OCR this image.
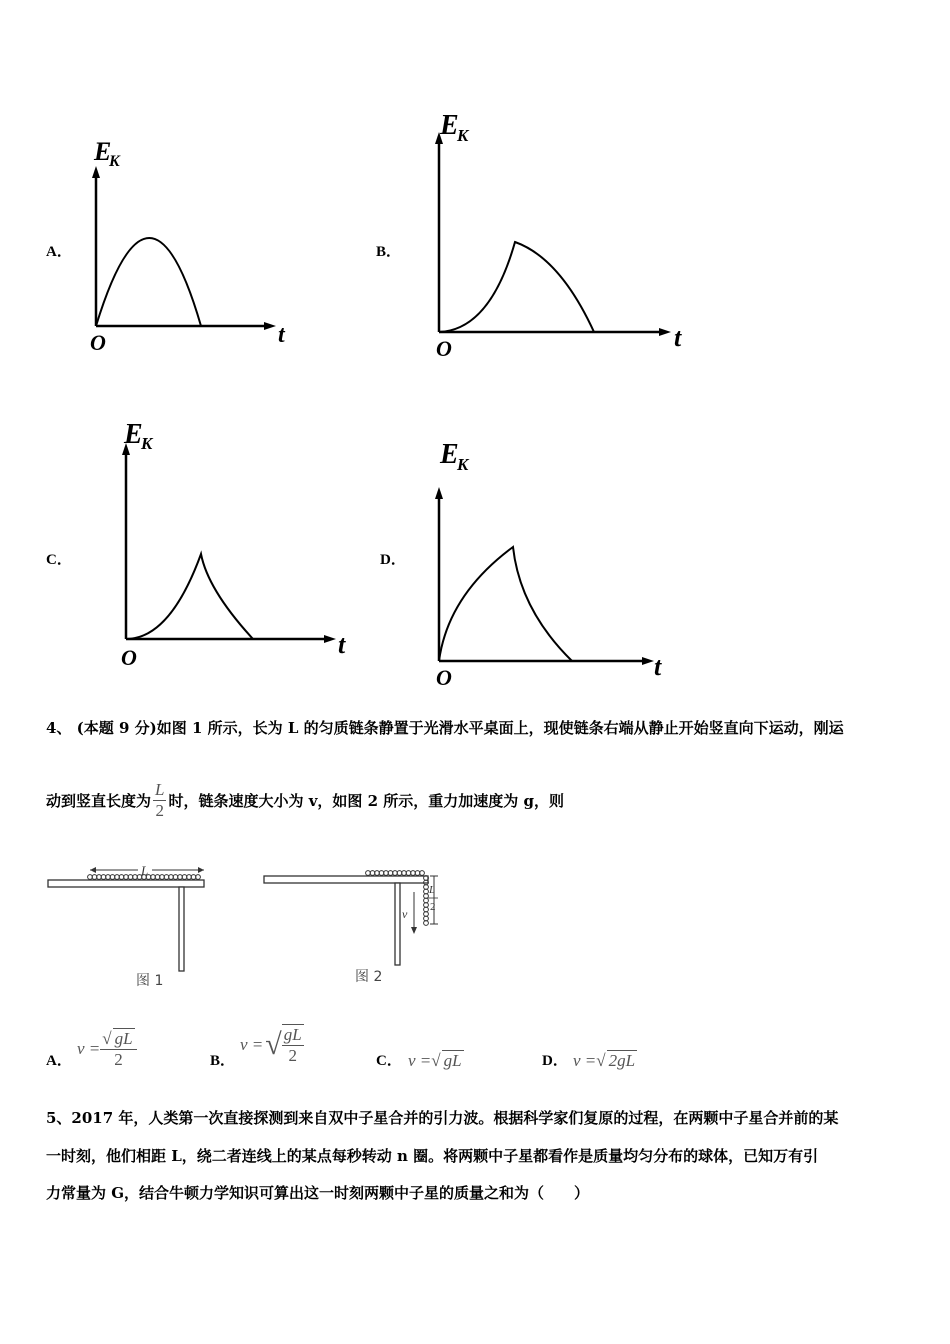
A．
E
K
t
O
B．
E
K
t
O
C．
E
K
t
O
D．
E
K
t
O
4、 (本题 9 分)如图 1 所示，长为 L 的匀质链条静置于光滑水平桌面上，现使链条右端从静止开始竖直向下运动，刚运
动到竖直长度为 $\frac{L}{2}$ 时，链条速度大小为 v，如图 2 所示，重力加速度为 g，则
L
图 1
v
L
2
图 2
A．
$v = \frac{√ gL}{2}$	B．
v = √ $\frac{gL}{2}$	C． v =√ gL	D． v =√ 2gL
5、2017 年，人类第一次直接探测到来自双中子星合并的引力波。根据科学家们复原的过程，在两颗中子星合并前的某
一时刻，他们相距 L，绕二者连线上的某点每秒转动 n 圈。将两颗中子星都看作是质量均匀分布的球体，已知万有引
力常量为 G，结合牛顿力学知识可算出这一时刻两颗中子星的质量之和为（　　）
